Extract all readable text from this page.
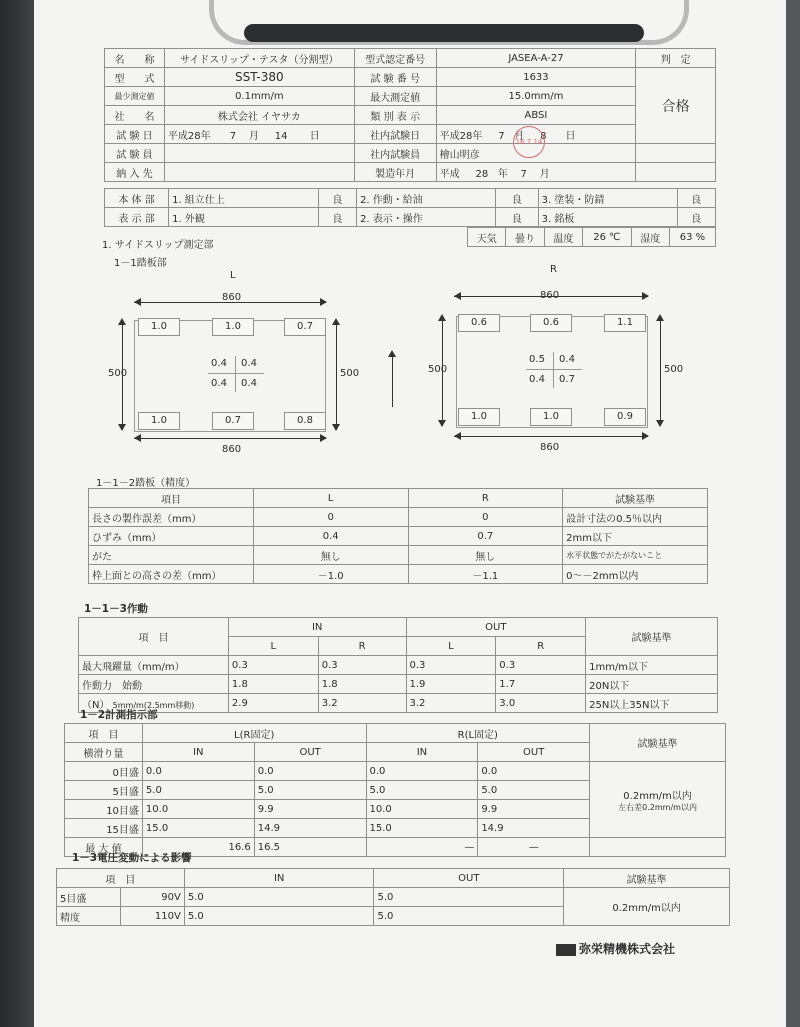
名　　称	サイドスリップ・テスタ（分割型）	型式認定番号	JASEA-A-27	判　定
型　　式	SST-380	試 験 番 号	1633	合格
最少測定値	0.1mm/m	最大測定値	15.0mm/m	
社　　名	株式会社 イヤサカ	類 別 表 示	ABSI	
試 験 日	平成28年 7 月 14 日	社内試験日	平成28年 7 月 8 日	
試 験 員		社内試験員	檜山明彦	
納 入 先		製造年月	平成 28 年 7 月	
16.7.14
本 体 部	1. 組立仕上	良	2. 作動・給油	良	3. 塗装・防錆	良
表 示 部	1. 外観	良	2. 表示・操作	良	3. 銘板	良
天気	曇り	温度	26 ℃	湿度	63 %
1. サイドスリップ測定部
1－1踏板部
L
860
500	500
1.0	1.0	0.7
0.4	0.4
0.4	0.4
1.0	0.7	0.8
860
R
860
500	500
0.6	0.6	1.1
0.5	0.4
0.4	0.7
1.0	1.0	0.9
860
1－1－2踏板（精度）
項目	L	R	試験基準
長さの製作誤差（mm）	0	0	設計寸法の0.5％以内
ひずみ（mm）	0.4	0.7	2mm以下
がた	無し	無し	水平状態でがたがないこと
枠上面との高さの差（mm）	－1.0	－1.1	0～－2mm以内
1－1－3作動
項　目	IN		OUT		試験基準
	L	R	L	R	
最大飛躍量（mm/m）	0.3	0.3	0.3	0.3	1mm/m以下
作動力　始動	1.8	1.8	1.9	1.7	20N以下
（N） 5mm/m(2.5mm移動)	2.9	3.2	3.2	3.0	25N以上35N以下
1－2計測指示部
項　目	L(R固定)		R(L固定)		試験基準
横滑り量	IN	OUT	IN	OUT	
0目盛	0.0	0.0	0.0	0.0	0.2mm/m以内
左右差0.2mm/m以内

5目盛	5.0	5.0	5.0	5.0	
10目盛	10.0	9.9	10.0	9.9	
15目盛	15.0	14.9	15.0	14.9	
最 大 値	16.6	16.5	—	—	
1－3電圧変動による影響
項　目		IN	OUT	試験基準
5目盛	90V	5.0	5.0	0.2mm/m以内
精度	110V	5.0	5.0	
弥栄精機株式会社
